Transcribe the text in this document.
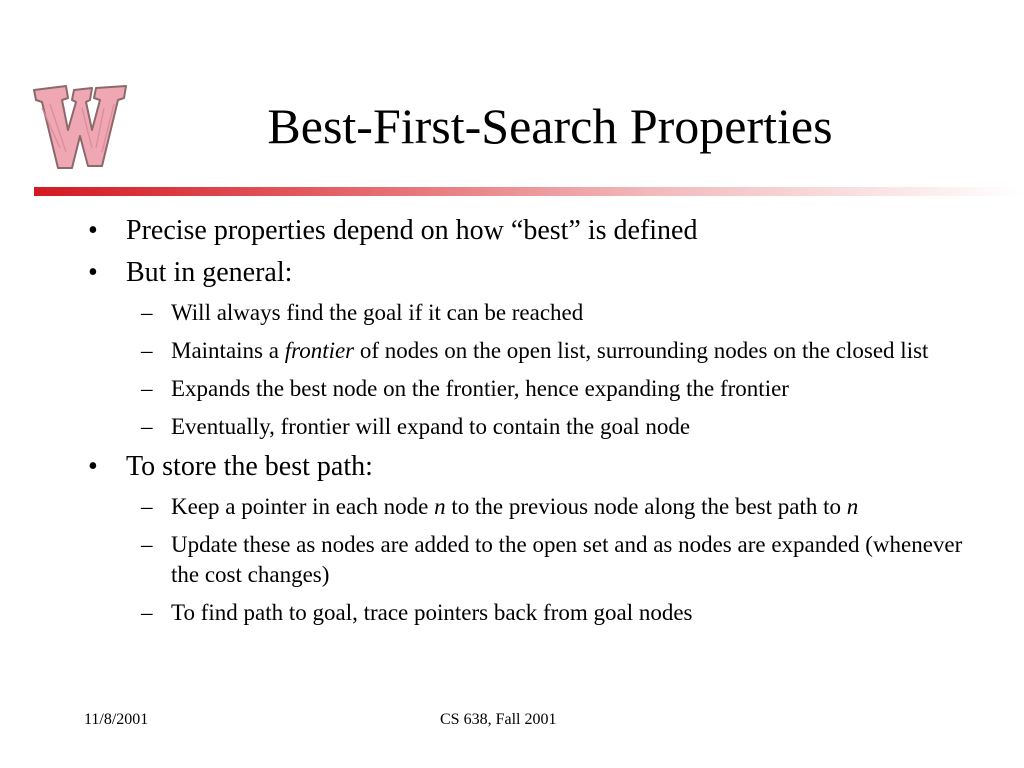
Best-First-Search Properties
• Precise properties depend on how “best” is defined
• But in general:
– Will always find the goal if it can be reached
– Maintains a frontier of nodes on the open list, surrounding nodes on the closed list
– Expands the best node on the frontier, hence expanding the frontier
– Eventually, frontier will expand to contain the goal node
• To store the best path:
– Keep a pointer in each node n to the previous node along the best path to n
– Update these as nodes are added to the open set and as nodes are expanded (whenever the cost changes)
– To find path to goal, trace pointers back from goal nodes
11/8/2001	CS 638, Fall 2001
